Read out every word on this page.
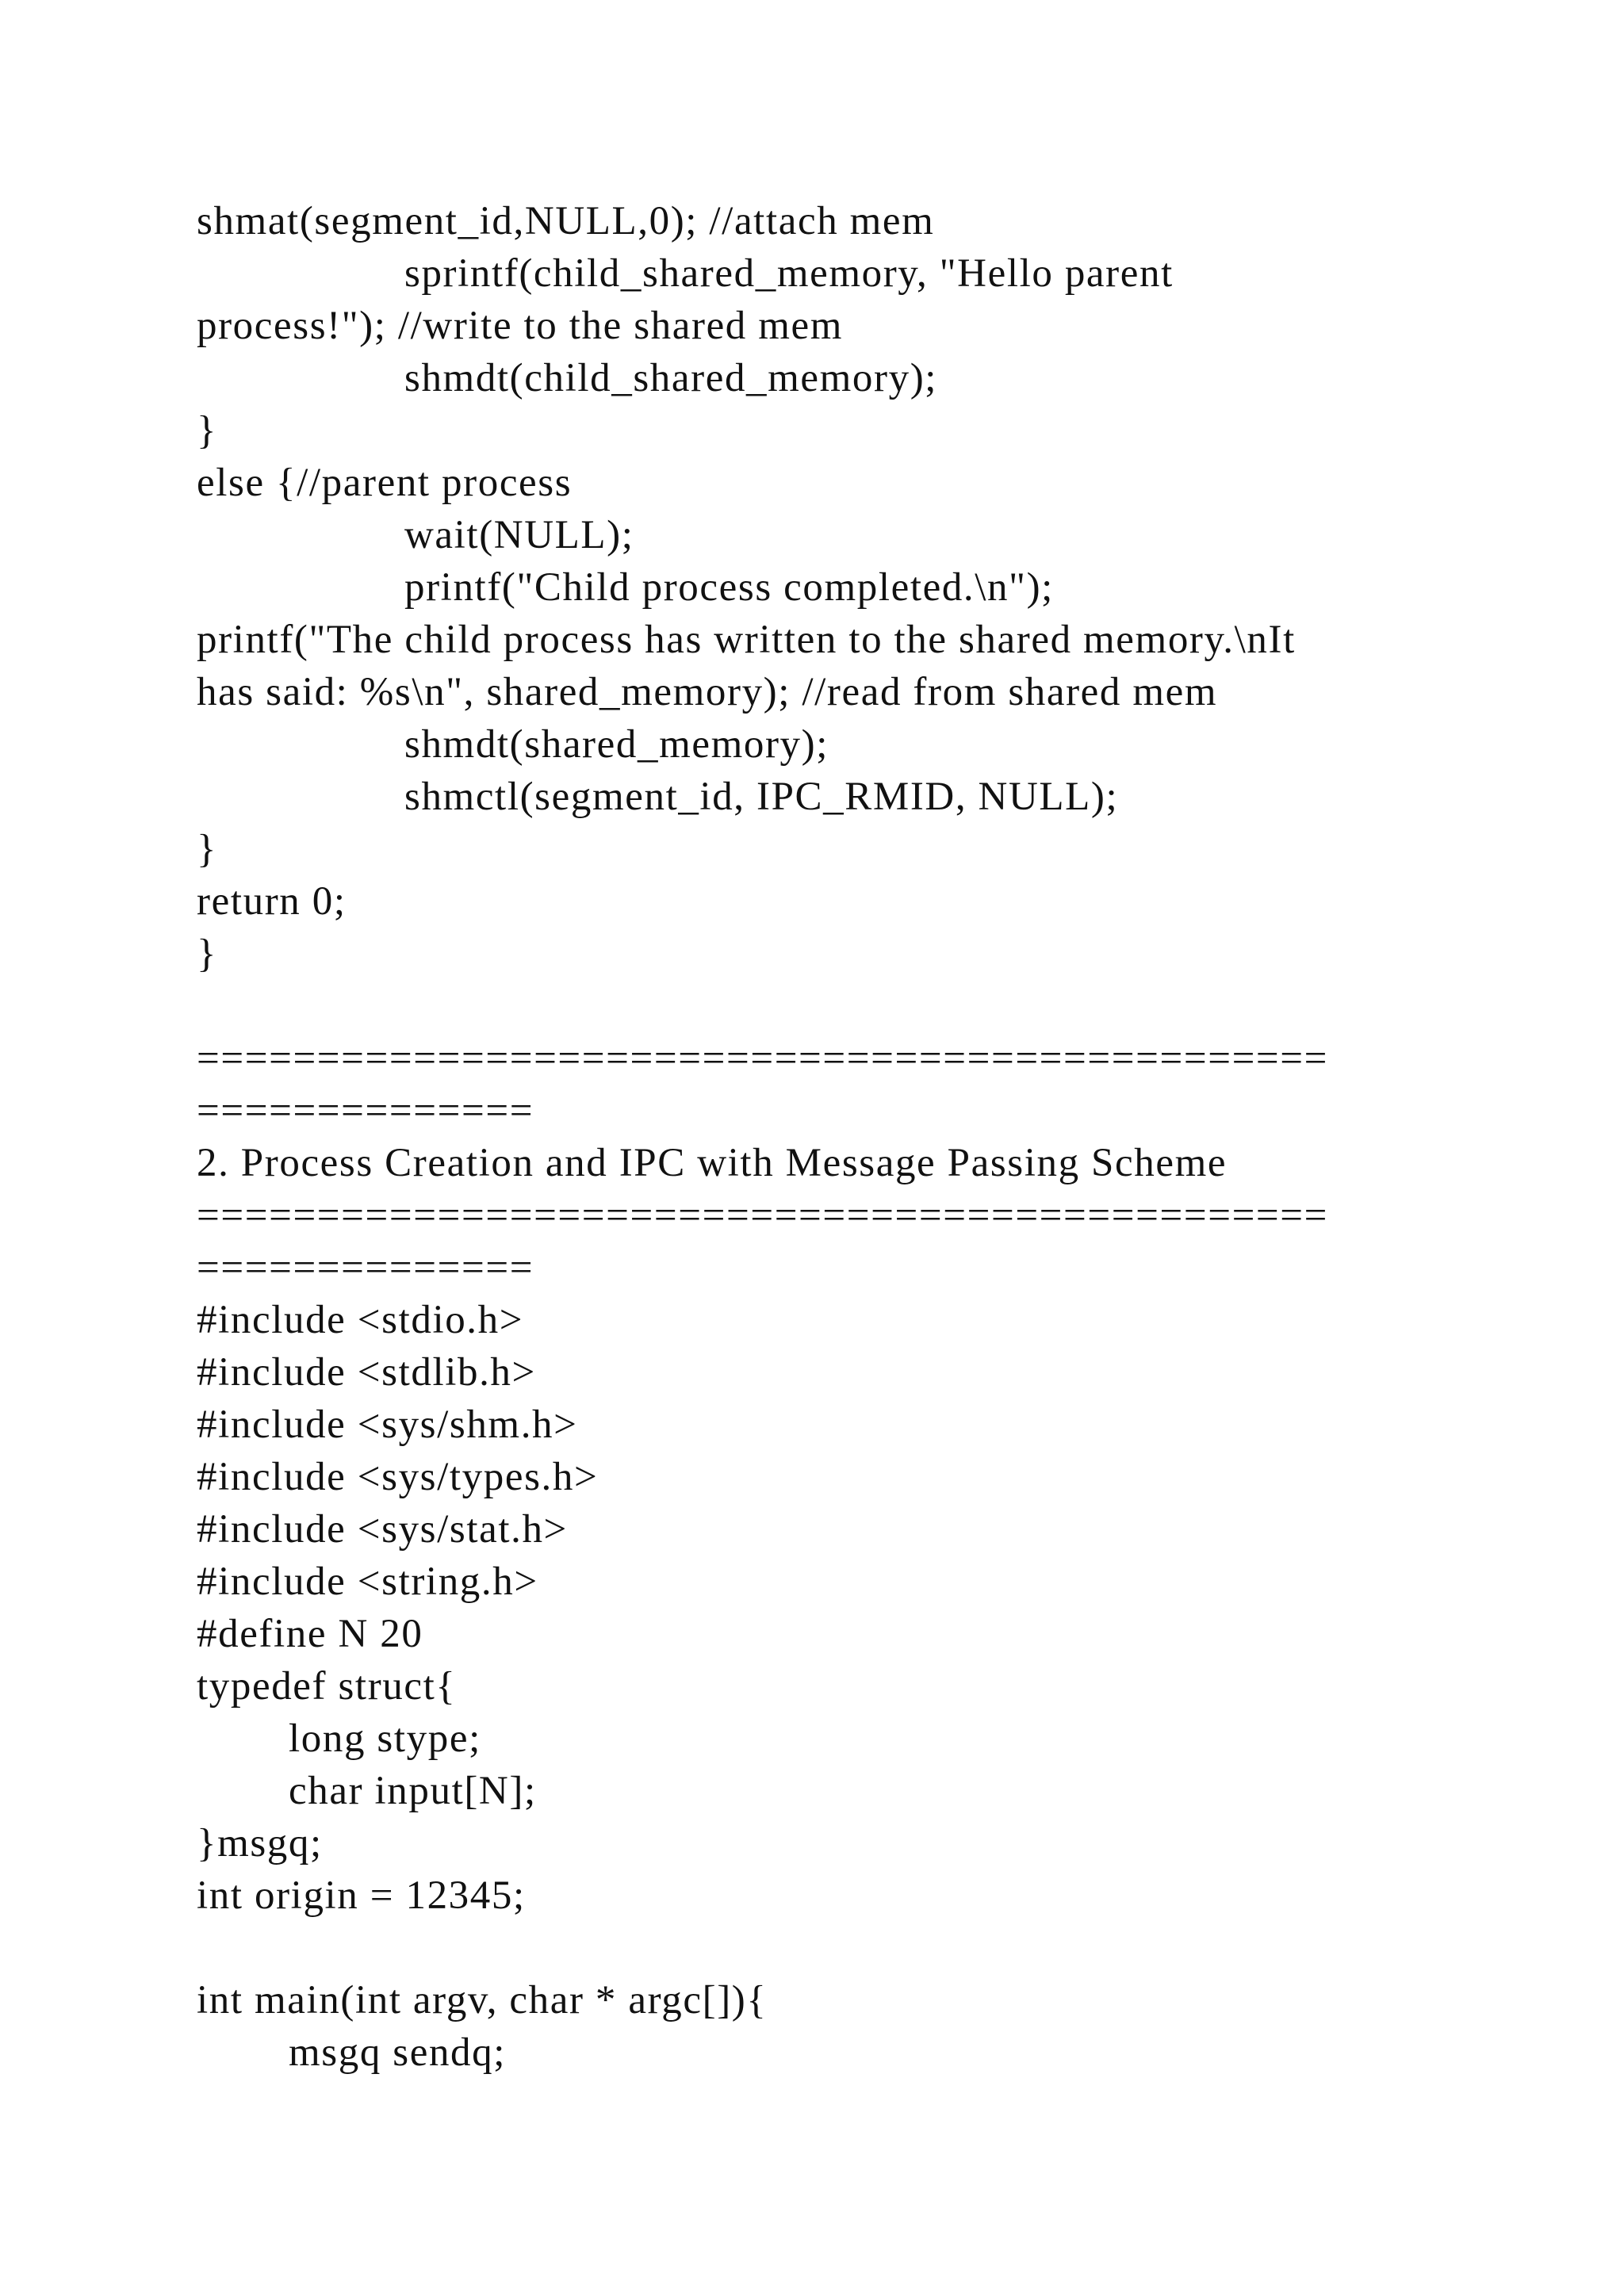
shmat(segment_id,NULL,0); //attach mem
sprintf(child_shared_memory, "Hello parent
process!"); //write to the shared mem
shmdt(child_shared_memory);
}
else {//parent process
wait(NULL);
printf("Child process completed.\n");
printf("The child process has written to the shared memory.\nIt
has said: %s\n", shared_memory); //read from shared mem
shmdt(shared_memory);
shmctl(segment_id, IPC_RMID, NULL);
}
return 0;
}
===============================================
==============
2. Process Creation and IPC with Message Passing Scheme
===============================================
==============
#include <stdio.h>
#include <stdlib.h>
#include <sys/shm.h>
#include <sys/types.h>
#include <sys/stat.h>
#include <string.h>
#define N 20
typedef struct{
long stype;
char input[N];
}msgq;
int origin = 12345;
int main(int argv, char * argc[]){
msgq sendq;
